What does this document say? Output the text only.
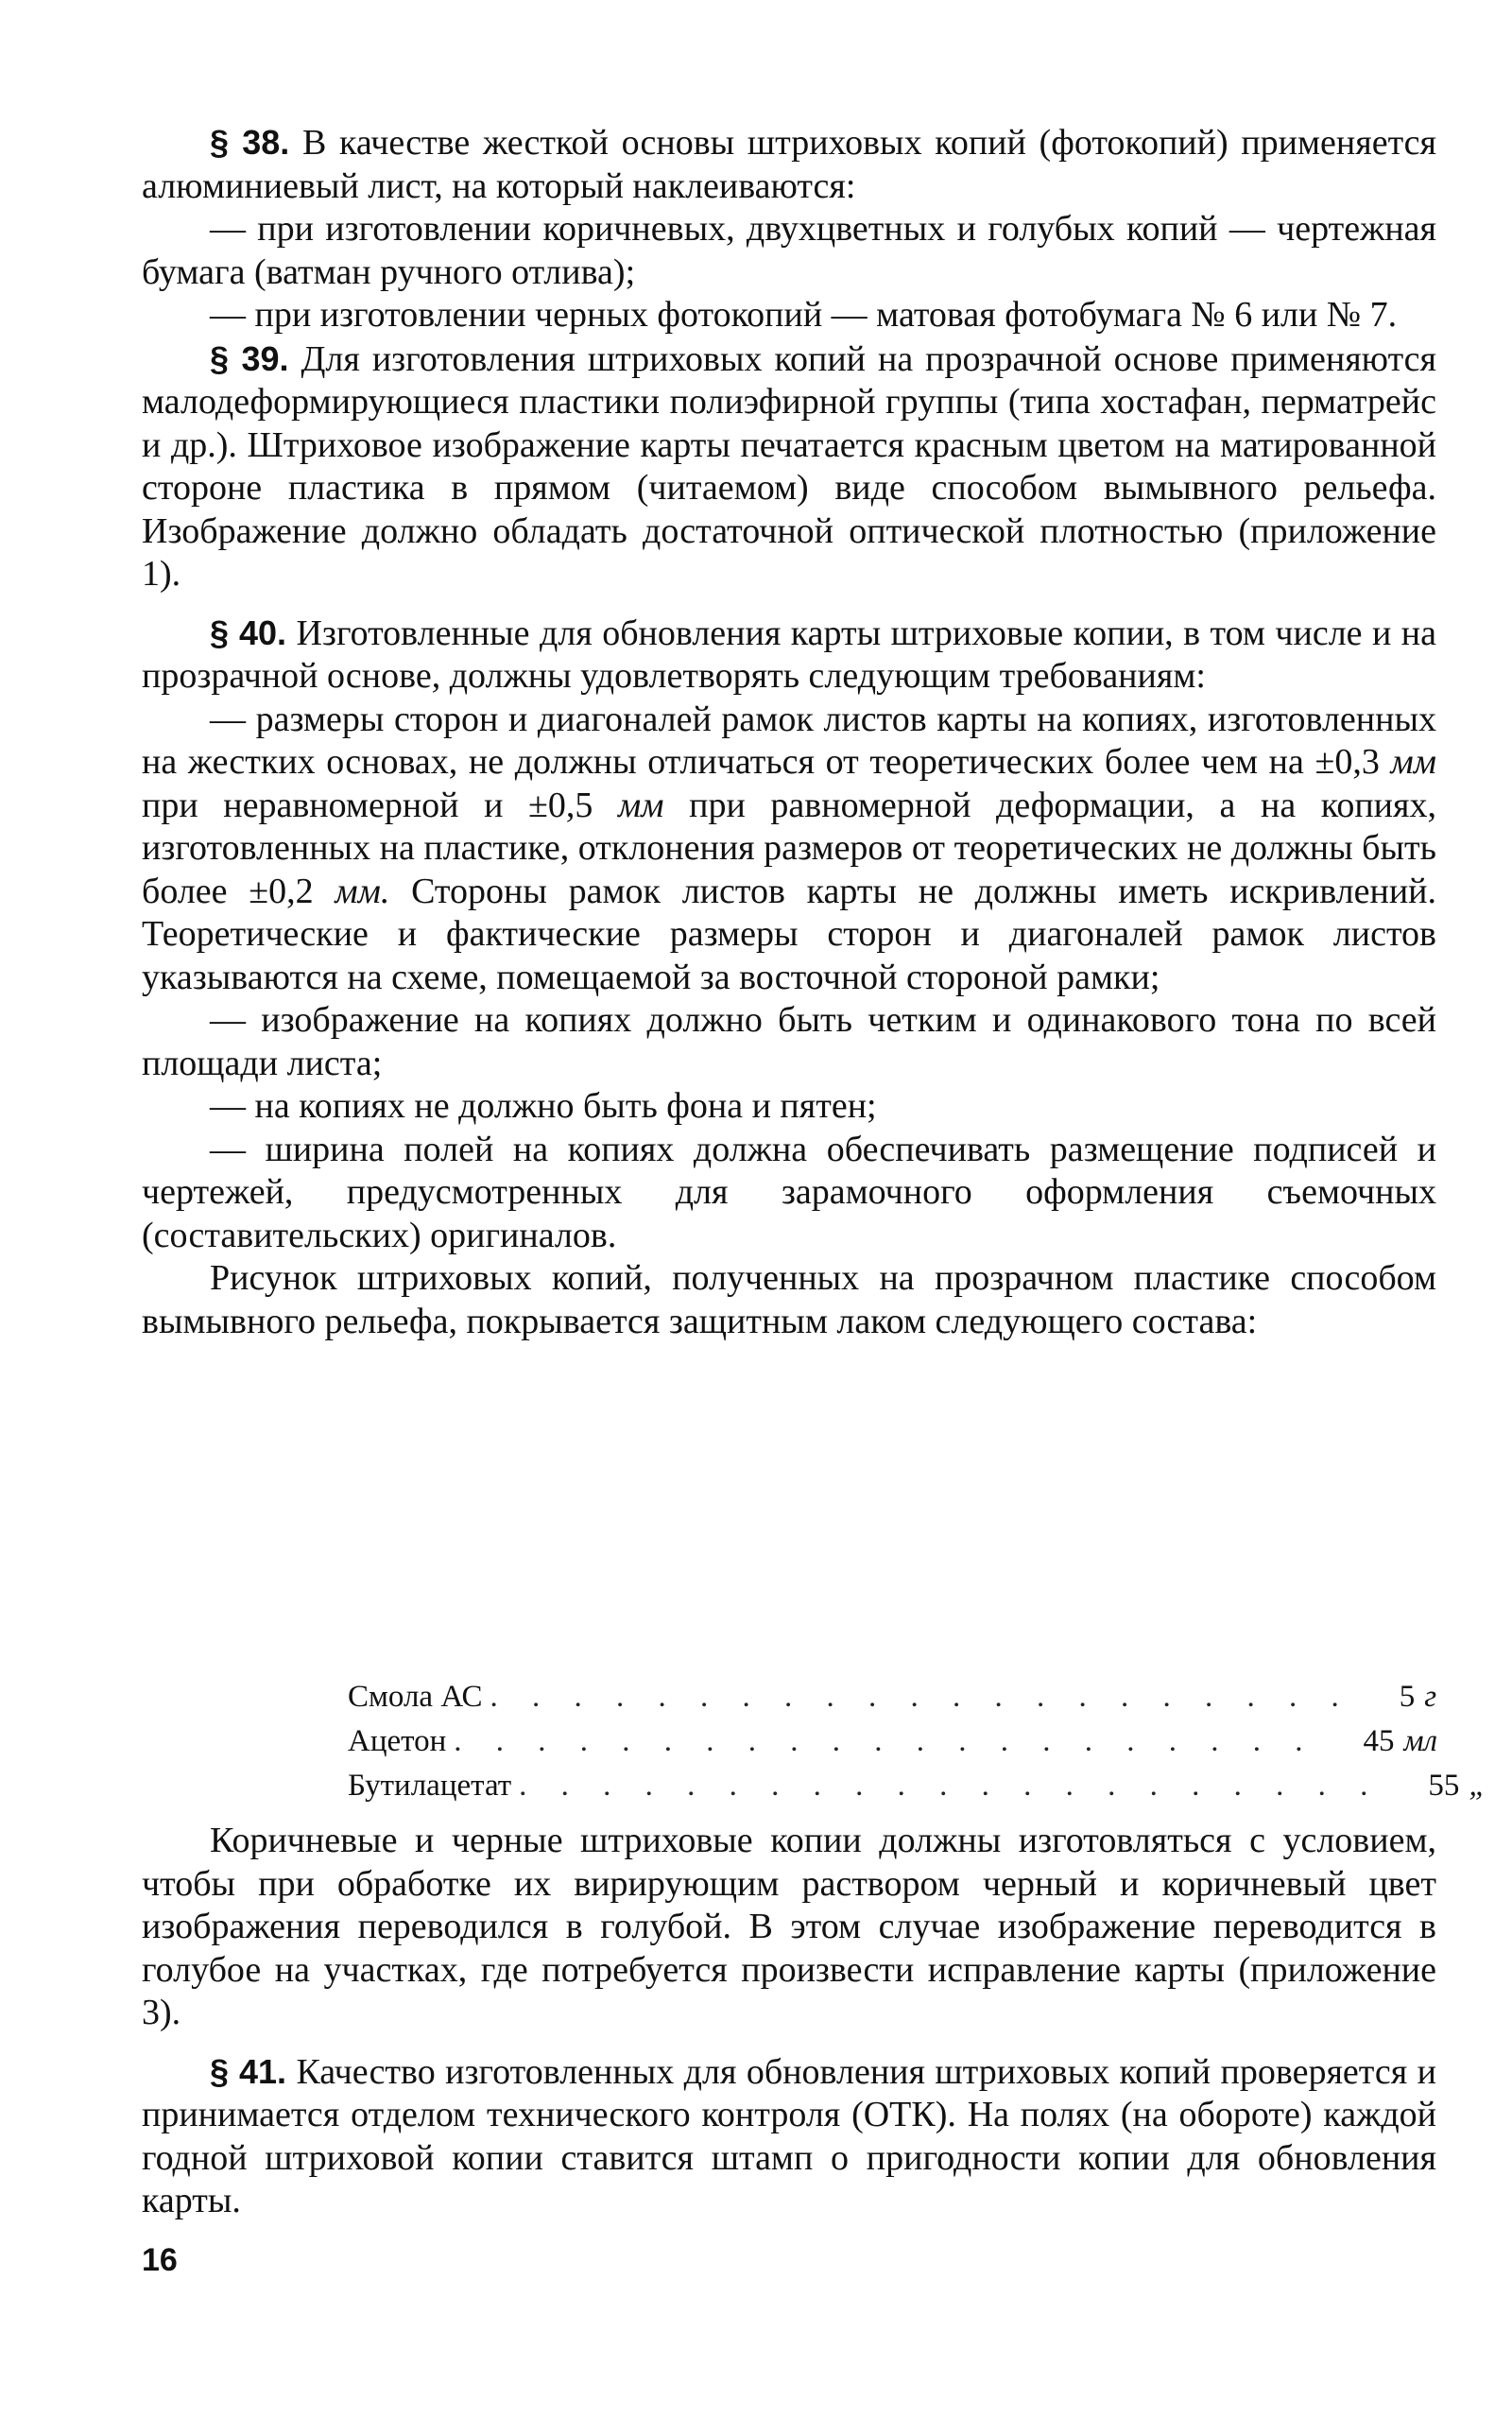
§ 38. В качестве жесткой основы штриховых копий (фотокопий) применяется алюминиевый лист, на который наклеиваются:

— при изготовлении коричневых, двухцветных и голубых копий — чертежная бумага (ватман ручного отлива);

— при изготовлении черных фотокопий — матовая фотобумага № 6 или № 7.

§ 39. Для изготовления штриховых копий на прозрачной основе применяются малодеформирующиеся пластики полиэфирной группы (типа хостафан, перматрейс и др.). Штриховое изображение карты печатается красным цветом на матированной стороне пластика в прямом (читаемом) виде способом вымывного рельефа. Изображение должно обладать достаточной оптической плотностью (приложение 1).

§ 40. Изготовленные для обновления карты штриховые копии, в том числе и на прозрачной основе, должны удовлетворять следующим требованиям:

— размеры сторон и диагоналей рамок листов карты на копиях, изготовленных на жестких основах, не должны отличаться от теоретических более чем на ±0,3 мм при неравномерной и ±0,5 мм при равномерной деформации, а на копиях, изготовленных на пластике, отклонения размеров от теоретических не должны быть более ±0,2 мм. Стороны рамок листов карты не должны иметь искривлений. Теоретические и фактические размеры сторон и диагоналей рамок листов указываются на схеме, помещаемой за восточной стороной рамки;

— изображение на копиях должно быть четким и одинакового тона по всей площади листа;

— на копиях не должно быть фона и пятен;

— ширина полей на копиях должна обеспечивать размещение подписей и чертежей, предусмотренных для зарамочного оформления съемочных (составительских) оригиналов.

Рисунок штриховых копий, полученных на прозрачном пластике способом вымывного рельефа, покрывается защитным лаком следующего состава:

Смола АС . . . . . . . . . . . . . . . . . . . . . 5 г
Ацетон . . . . . . . . . . . . . . . . . . . . . 45 мл
Бутилацетат . . . . . . . . . . . . . . . . . . . . . 55 „

Коричневые и черные штриховые копии должны изготовляться с условием, чтобы при обработке их вирирующим раствором черный и коричневый цвет изображения переводился в голубой. В этом случае изображение переводится в голубое на участках, где потребуется произвести исправление карты (приложение 3).

§ 41. Качество изготовленных для обновления штриховых копий проверяется и принимается отделом технического контроля (ОТК). На полях (на обороте) каждой годной штриховой копии ставится штамп о пригодности копии для обновления карты.

16
